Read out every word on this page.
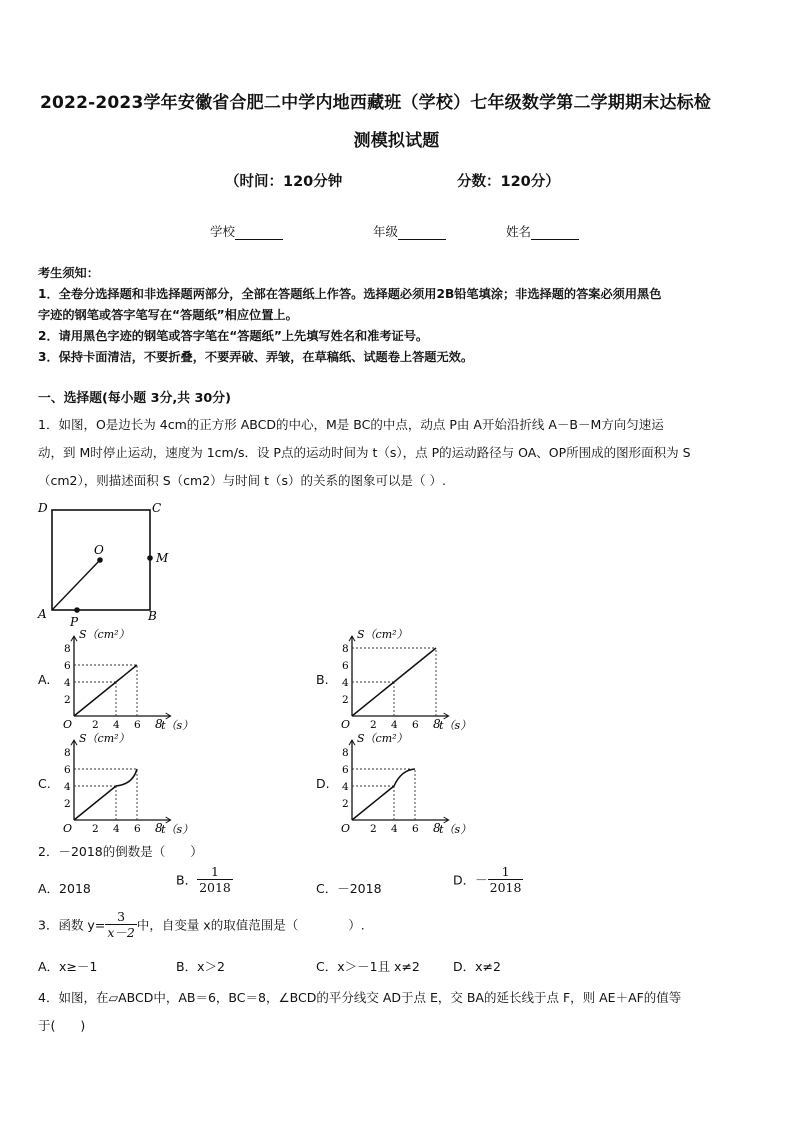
2022-2023学年安徽省合肥二中学内地西藏班（学校）七年级数学第二学期期末达标检
测模拟试题
（时间：120分钟	分数：120分）
学校	年级	姓名
考生须知：
1．全卷分选择题和非选择题两部分，全部在答题纸上作答。选择题必须用2B铅笔填涂；非选择题的答案必须用黑色
字迹的钢笔或答字笔写在“答题纸”相应位置上。
2．请用黑色字迹的钢笔或答字笔在“答题纸”上先填写姓名和准考证号。
3．保持卡面清洁，不要折叠，不要弄破、弄皱，在草稿纸、试题卷上答题无效。
一、选择题(每小题 3分,共 30分)
1．如图，O是边长为 4cm的正方形 ABCD的中心，M是 BC的中点，动点 P由 A开始沿折线 A－B－M方向匀速运
动，到 M时停止运动，速度为 1cm/s．设 P点的运动时间为 t（s），点 P的运动路径与 OA、OP所围成的图形面积为 S
（cm2），则描述面积 S（cm2）与时间 t（s）的关系的图象可以是（ ）.
D	C
O
M
A	B
P
A.	B.
C.	D.
S（cm²）
t（s）
O
2
4
6
8
2 4 6 8
S（cm²）
t（s）
O
2
4
6
8
2 4 6 8
S（cm²）
t（s）
O
2
4
6
8
2 4 6 8
S（cm²）
t（s）
O
2
4
6
8
2 4 6 8
2．－2018的倒数是（　　）
A．2018
B． $\frac{1}{2018}$	C．－2018
D．－ $\frac{1}{2018}$
3．函数 $y= \frac{3}{x-2}$ 中，自变量 x的取值范围是（　　　　）.
A．x≥－1	B．x＞2	C．x＞－1且 x≠2	D．x≠2
4．如图，在▱ABCD中，AB＝6，BC＝8，∠BCD的平分线交 AD于点 E，交 BA的延长线于点 F，则 AE＋AF的值等
于(　　)
